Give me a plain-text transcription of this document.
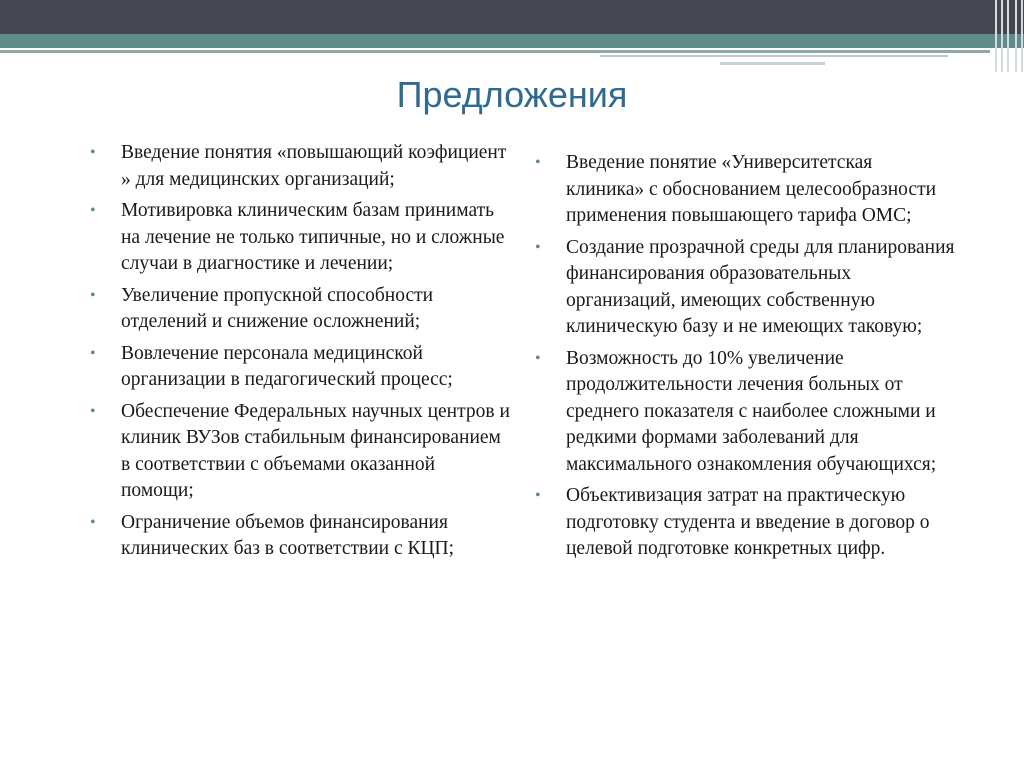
Предложения
• Введение понятия «повышающий коэфициент » для медицинских организаций;
• Мотивировка клиническим базам принимать на лечение не только типичные, но и сложные случаи в диагностике и лечении;
• Увеличение пропускной способности отделений и снижение осложнений;
• Вовлечение персонала медицинской организации в педагогический процесс;
• Обеспечение Федеральных научных центров и клиник ВУЗов стабильным финансированием в соответствии с объемами оказанной помощи;
• Ограничение объемов финансирования клинических баз в соответствии с КЦП;
• Введение понятие «Университетская клиника» с обоснованием целесообразности применения повышающего тарифа ОМС;
• Создание прозрачной среды для планирования финансирования образовательных организаций, имеющих собственную клиническую базу и не имеющих таковую;
• Возможность до 10% увеличение продолжительности лечения больных от среднего показателя с наиболее сложными и редкими формами заболеваний для максимального ознакомления обучающихся;
• Объективизация затрат на практическую подготовку студента и введение в договор о целевой подготовке конкретных цифр.
